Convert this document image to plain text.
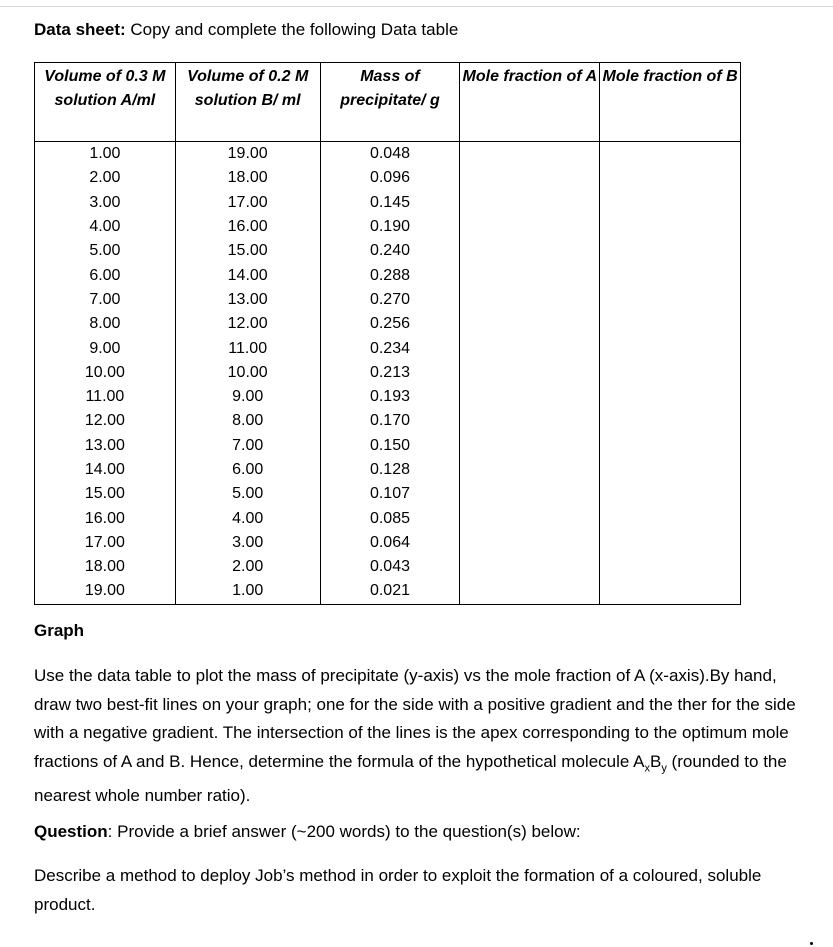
Data sheet: Copy and complete the following Data table
Volume of 0.3 M solution A/ml	Volume of 0.2 M solution B/ ml	Mass of precipitate/ g	Mole fraction of A	Mole fraction of B
1.00	19.00	0.048		
2.00	18.00	0.096		
3.00	17.00	0.145		
4.00	16.00	0.190		
5.00	15.00	0.240		
6.00	14.00	0.288		
7.00	13.00	0.270		
8.00	12.00	0.256		
9.00	11.00	0.234		
10.00	10.00	0.213		
11.00	9.00	0.193		
12.00	8.00	0.170		
13.00	7.00	0.150		
14.00	6.00	0.128		
15.00	5.00	0.107		
16.00	4.00	0.085		
17.00	3.00	0.064		
18.00	2.00	0.043		
19.00	1.00	0.021		
Graph
Use the data table to plot the mass of precipitate (y-axis) vs the mole fraction of A (x-axis).By hand, draw two best-fit lines on your graph; one for the side with a positive gradient and the ther for the side with a negative gradient. The intersection of the lines is the apex corresponding to the optimum mole fractions of A and B. Hence, determine the formula of the hypothetical molecule $A_xB_y$ (rounded to the nearest whole number ratio).
Question: Provide a brief answer (~200 words) to the question(s) below:
Describe a method to deploy Job’s method in order to exploit the formation of a coloured, soluble product.
